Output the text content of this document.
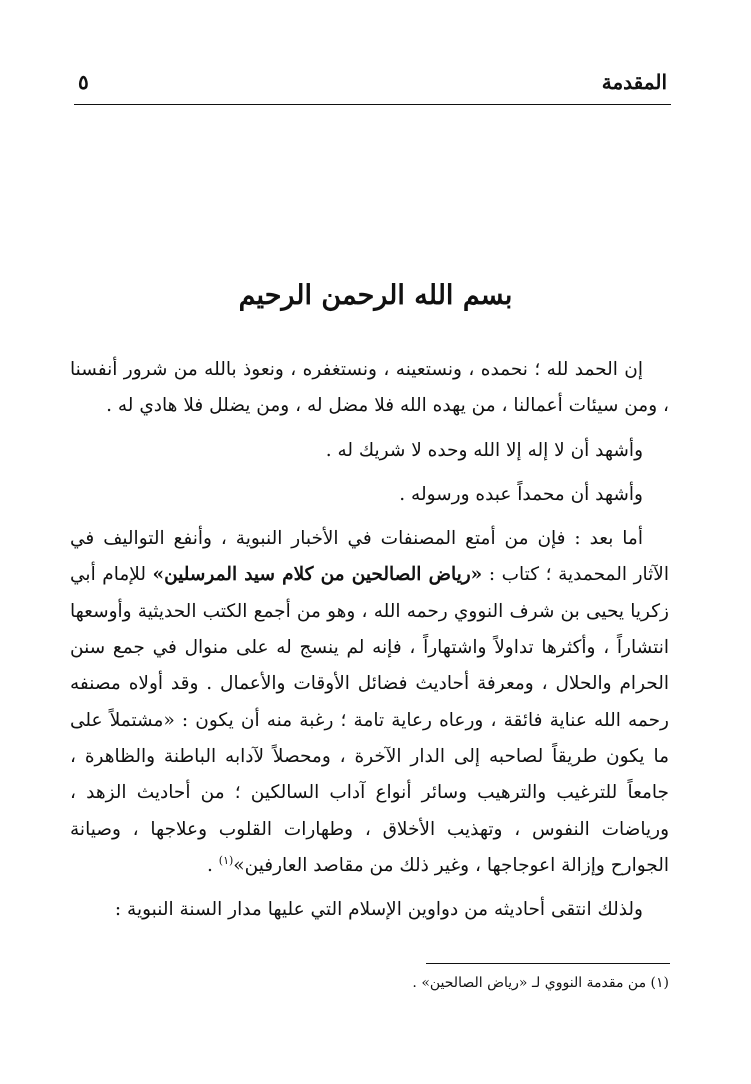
المقدمة
٥
بسم الله الرحمن الرحيم

إن الحمد لله ؛ نحمده ، ونستعينه ، ونستغفره ، ونعوذ بالله من شرور أنفسنا ، ومن سيئات أعمالنا ، من يهده الله فلا مضل له ، ومن يضلل فلا هادي له .

وأشهد أن لا إله إلا الله وحده لا شريك له .

وأشهد أن محمداً عبده ورسوله .

أما بعد : فإن من أمتع المصنفات في الأخبار النبوية ، وأنفع التواليف في الآثار المحمدية ؛ كتاب : «رياض الصالحين من كلام سيد المرسلين» للإمام أبي زكريا يحيى بن شرف النووي رحمه الله ، وهو من أجمع الكتب الحديثية وأوسعها انتشاراً ، وأكثرها تداولاً واشتهاراً ، فإنه لم ينسج له على منوال في جمع سنن الحرام والحلال ، ومعرفة أحاديث فضائل الأوقات والأعمال . وقد أولاه مصنفه رحمه الله عناية فائقة ، ورعاه رعاية تامة ؛ رغبة منه أن يكون : «مشتملاً على ما يكون طريقاً لصاحبه إلى الدار الآخرة ، ومحصلاً لآدابه الباطنة والظاهرة ، جامعاً للترغيب والترهيب وسائر أنواع آداب السالكين ؛ من أحاديث الزهد ، ورياضات النفوس ، وتهذيب الأخلاق ، وطهارات القلوب وعلاجها ، وصيانة الجوارح وإزالة اعوجاجها ، وغير ذلك من مقاصد العارفين»$^{(١)}$ .

ولذلك انتقى أحاديثه من دواوين الإسلام التي عليها مدار السنة النبوية :

(١) من مقدمة النووي لـ «رياض الصالحين» .
